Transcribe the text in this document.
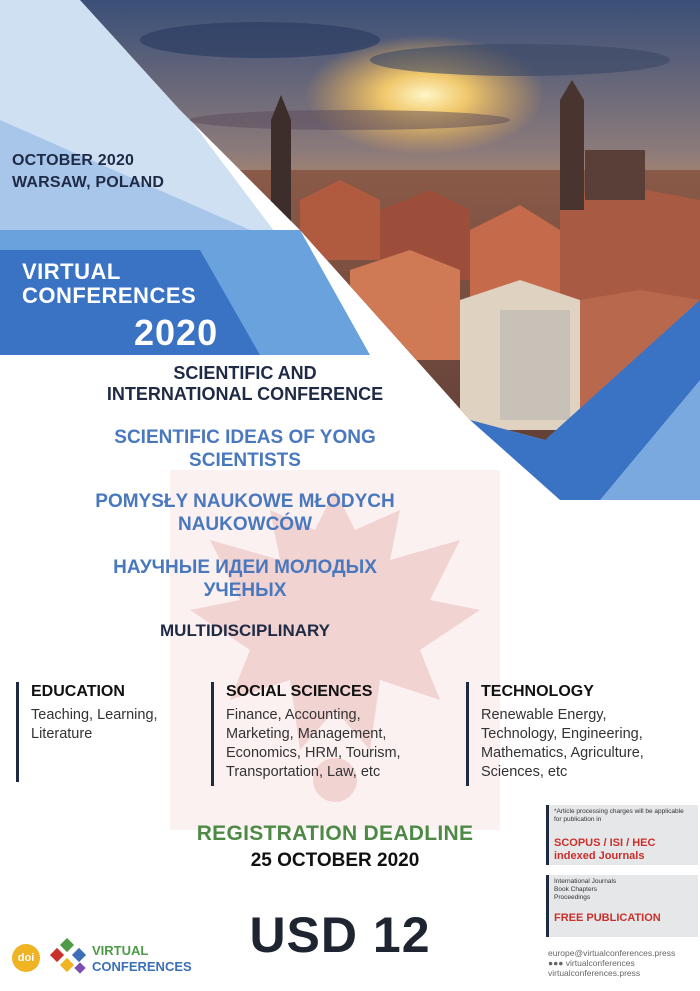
OCTOBER 2020
WARSAW, POLAND
VIRTUAL
CONFERENCES
2020
SCIENTIFIC AND
INTERNATIONAL CONFERENCE
SCIENTIFIC IDEAS OF YONG
SCIENTISTS
POMYSŁY NAUKOWE MŁODYCH
NAUKOWCÓW
НАУЧНЫЕ ИДЕИ МОЛОДЫХ
УЧЕНЫХ
MULTIDISCIPLINARY
EDUCATION

Teaching, Learning,
Literature

SOCIAL SCIENCES

Finance, Accounting,
Marketing, Management,
Economics, HRM, Tourism,
Transportation, Law, etc

TECHNOLOGY

Renewable Energy,
Technology, Engineering,
Mathematics, Agriculture,
Sciences, etc

REGISTRATION DEADLINE
25 OCTOBER 2020
USD 12
*Article processing charges will be applicable
for publication in
SCOPUS / ISI / HEC
indexed Journals
International Journals
Book Chapters
Proceedings
FREE PUBLICATION
europe@virtualconferences.press
●●● virtualconferences
virtualconferences.press
doi	VIRTUAL
CONFERENCES
